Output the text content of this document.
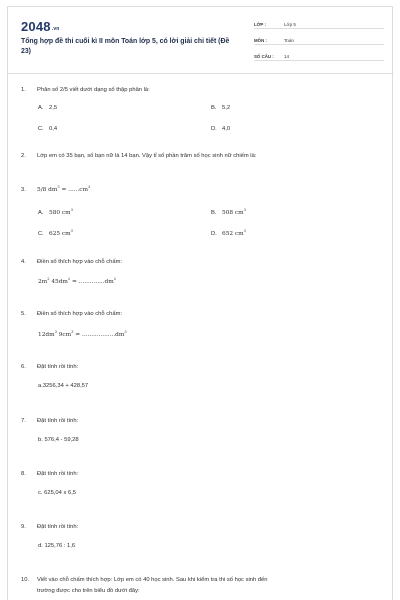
2048.vn
Tổng hợp đề thi cuối kì II môn Toán lớp 5, có lời giải chi tiết (Đề 23)
LỚP :	Lớp 5
MÔN :	Toán
SỐ CÂU :	14
1. Phân số 2/5 viết dưới dạng số thập phân là:
A. 2,5	B. 5,2
C. 0,4	D. 4,0
2. Lớp em có 35 bạn, số bạn nữ là 14 bạn. Vậy tỉ số phần trăm số học sinh nữ chiếm là:
3. 5/8 $dm^3 = ......cm^3$
A. 580 $cm^3$	B. 508 $cm^3$
C. 625 $cm^3$	D. 652 $cm^3$
4. Điền số thích hợp vào chỗ chấm:
$2m^2$ $45dm^2 = ..............dm^2$
5. Điền số thích hợp vào chỗ chấm:
$12dm^3$ $9cm^3 = ..................dm^3$
6. Đặt tính rồi tính:
a.3256,34 + 428,57
7. Đặt tính rồi tính:
b. 576,4 - 59,28
8. Đặt tính rồi tính:
c. 625,04 x 6,5
9. Đặt tính rồi tính:
d. 125,76 : 1,6
10. Viết vào chỗ chấm thích hợp: Lớp em có 40 học sinh. Sau khi kiểm tra thi số học sinh đến
trường được cho trên biểu đồ dưới đây:
